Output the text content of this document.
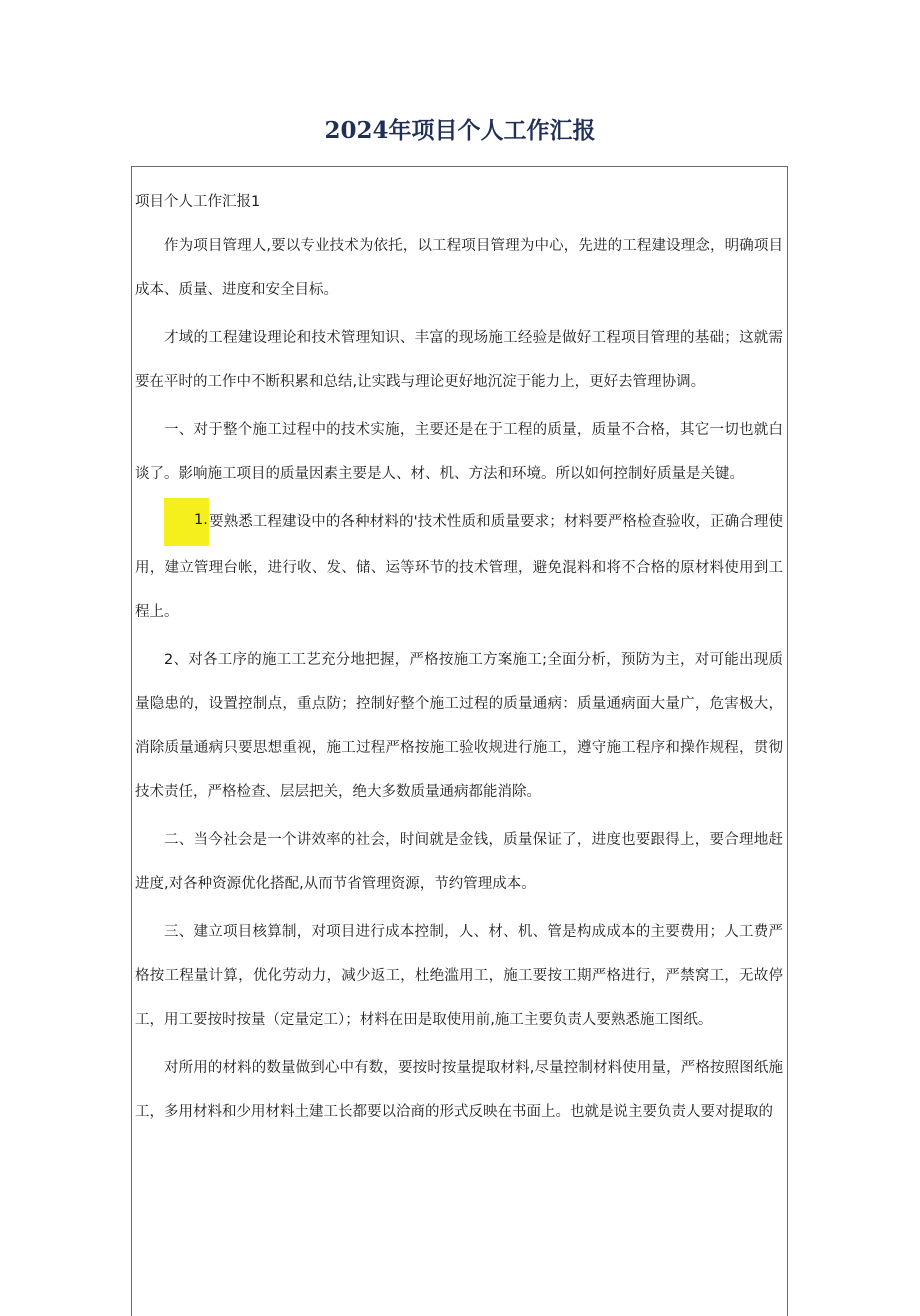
2024年项目个人工作汇报

项目个人工作汇报1

作为项目管理人,要以专业技术为依托，以工程项目管理为中心，先进的工程建设理念，明确项目成本、质量、进度和安全目标。

才域的工程建设理论和技术管理知识、丰富的现场施工经验是做好工程项目管理的基础；这就需要在平时的工作中不断积累和总结,让实践与理论更好地沉淀于能力上，更好去管理协调。

一、对于整个施工过程中的技术实施，主要还是在于工程的质量，质量不合格，其它一切也就白谈了。影响施工项目的质量因素主要是人、材、机、方法和环境。所以如何控制好质量是关键。

1.要熟悉工程建设中的各种材料的'技术性质和质量要求；材料要严格检查验收，正确合理使用，建立管理台帐，进行收、发、储、运等环节的技术管理，避免混料和将不合格的原材料使用到工程上。

2、对各工序的施工工艺充分地把握，严格按施工方案施工;全面分析，预防为主，对可能出现质量隐患的，设置控制点，重点防；控制好整个施工过程的质量通病：质量通病面大量广，危害极大，消除质量通病只要思想重视，施工过程严格按施工验收规进行施工，遵守施工程序和操作规程，贯彻技术责任，严格检查、层层把关，绝大多数质量通病都能消除。

二、当今社会是一个讲效率的社会，时间就是金钱，质量保证了，进度也要跟得上，要合理地赶进度,对各种资源优化搭配,从而节省管理资源，节约管理成本。

三、建立项目核算制，对项目进行成本控制，人、材、机、管是构成成本的主要费用；人工费严格按工程量计算，优化劳动力，减少返工，杜绝滥用工，施工要按工期严格进行，严禁窝工，无故停工，用工要按时按量（定量定工）；材料在田是取使用前,施工主要负责人要熟悉施工图纸。

对所用的材料的数量做到心中有数，要按时按量提取材料,尽量控制材料使用量，严格按照图纸施工，多用材料和少用材料土建工长都要以洽商的形式反映在书面上。也就是说主要负责人要对提取的
